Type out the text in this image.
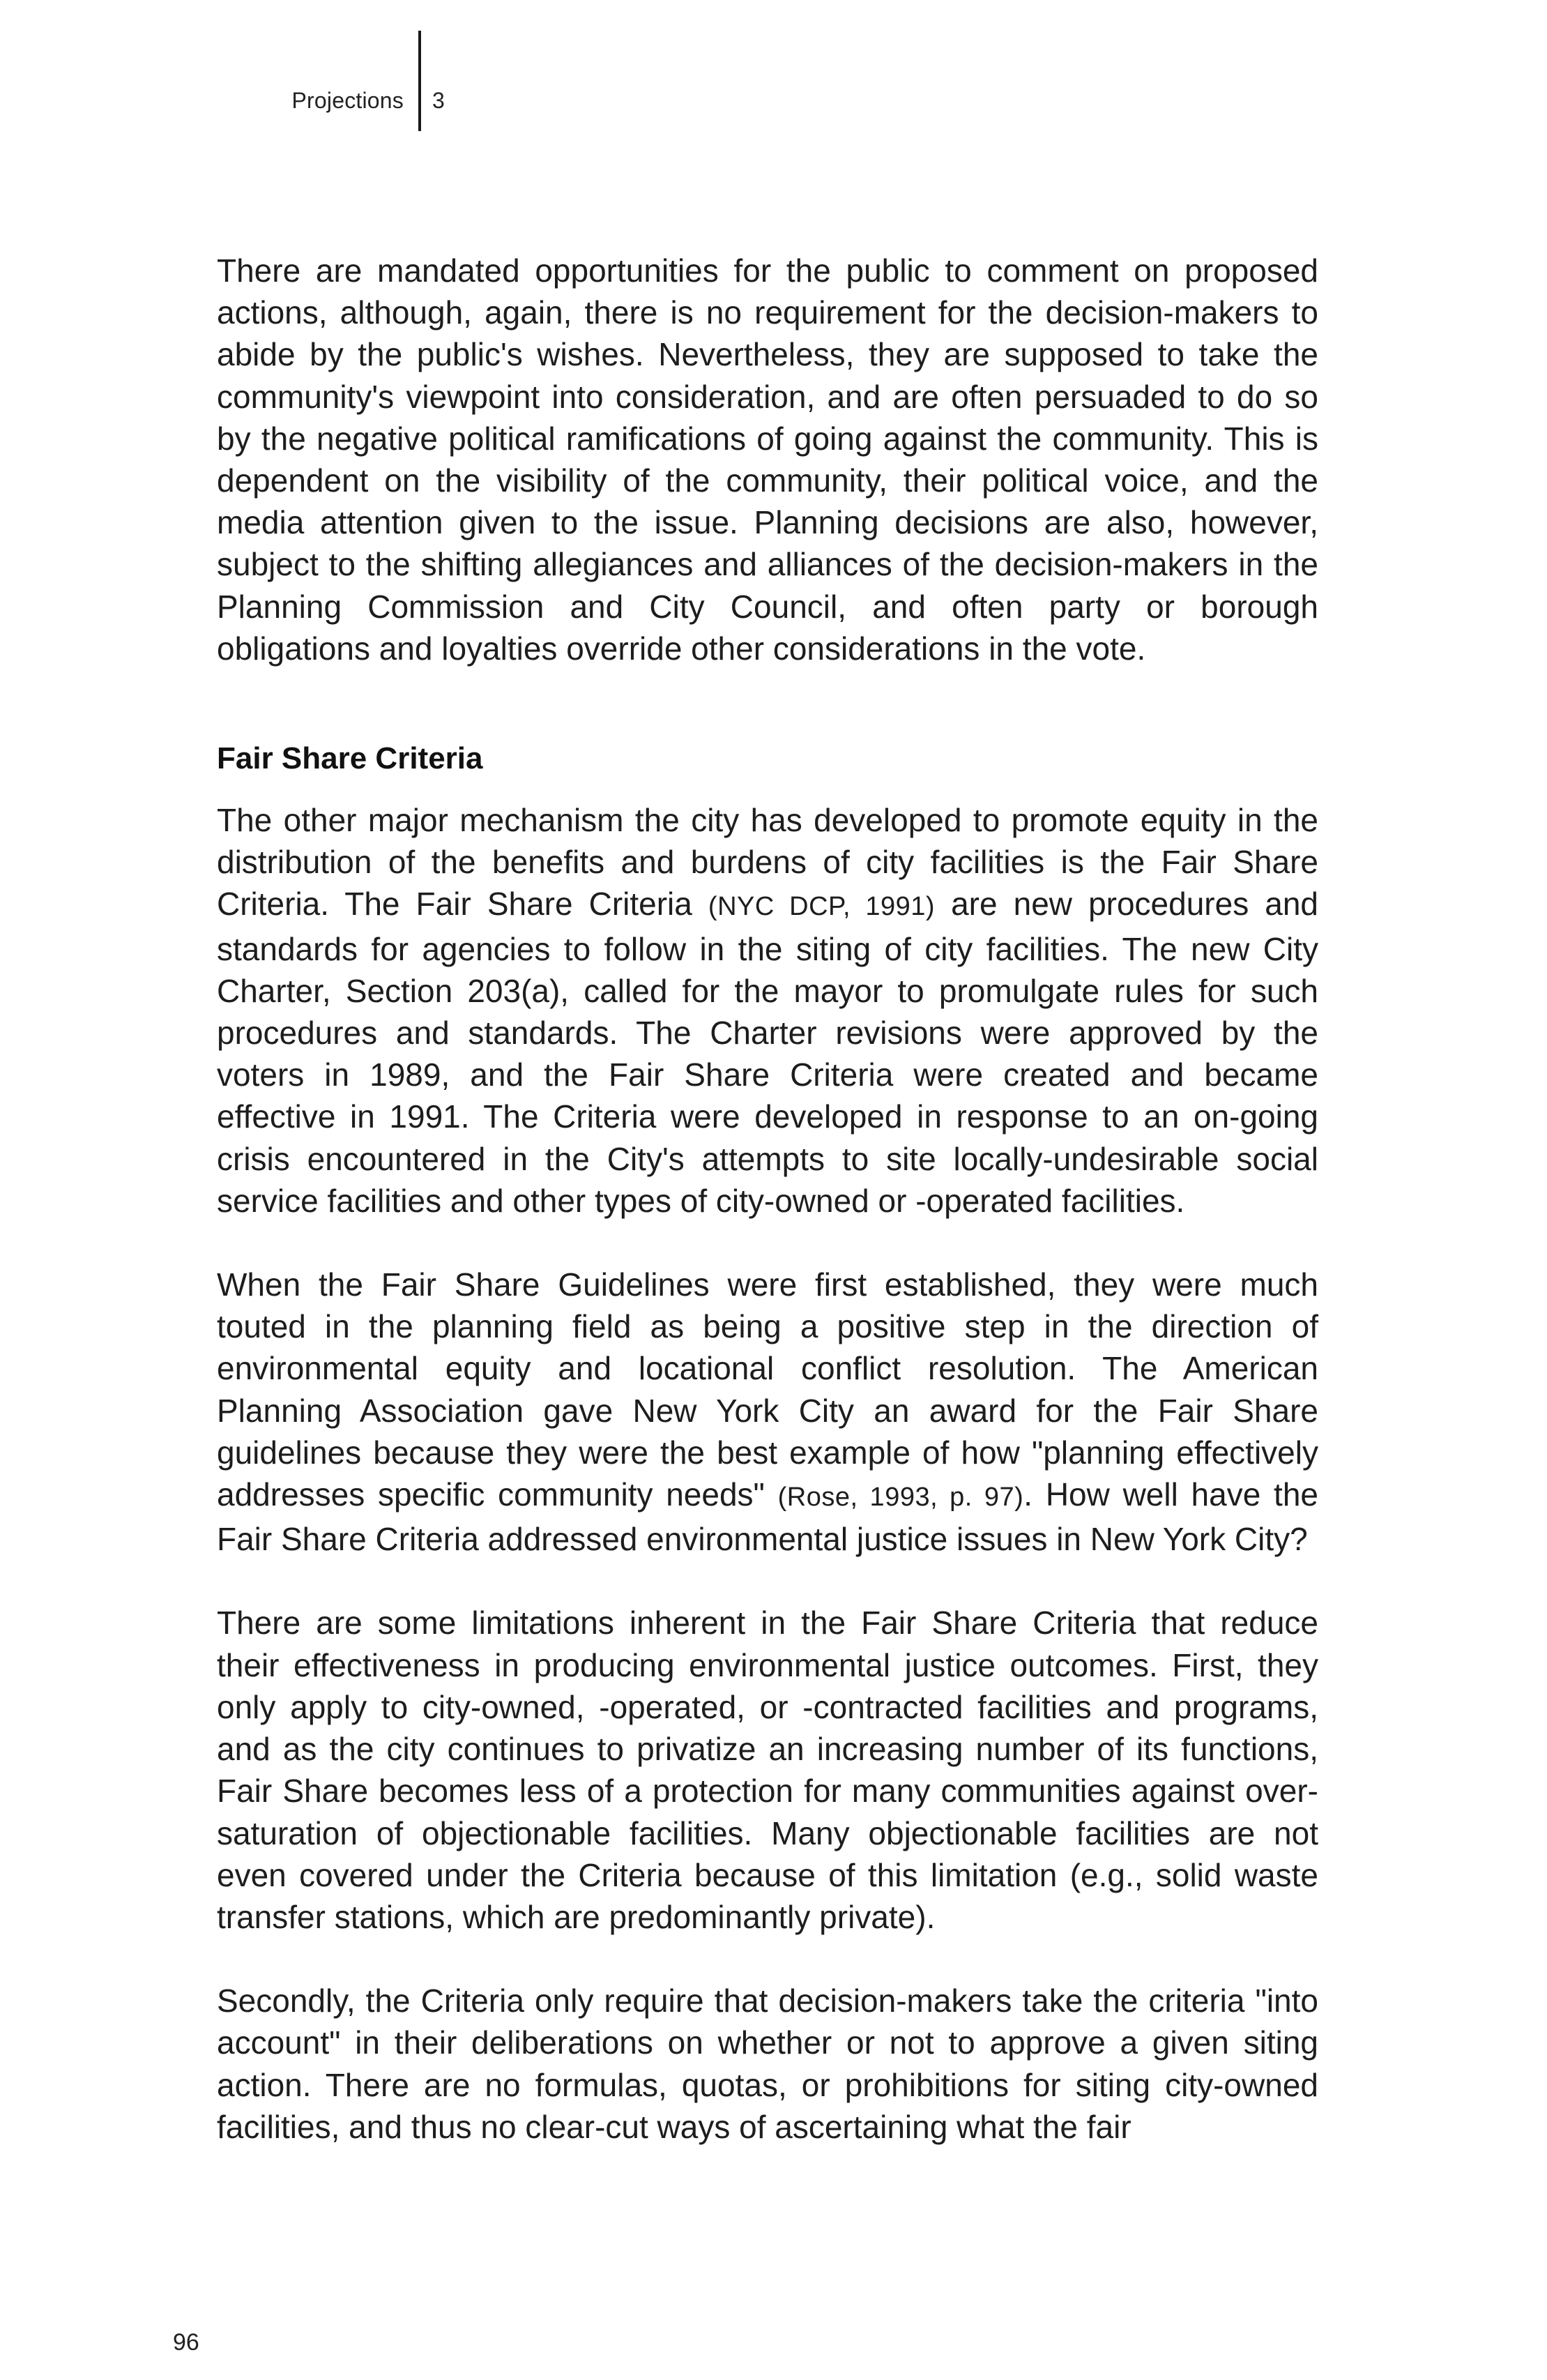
Projections 3

There are mandated opportunities for the public to comment on proposed actions, although, again, there is no requirement for the decision-makers to abide by the public's wishes. Nevertheless, they are supposed to take the community's viewpoint into consideration, and are often persuaded to do so by the negative political ramifications of going against the community. This is dependent on the visibility of the community, their political voice, and the media attention given to the issue. Planning decisions are also, however, subject to the shifting allegiances and alliances of the decision-makers in the Planning Commission and City Council, and often party or borough obligations and loyalties override other considerations in the vote.

Fair Share Criteria

The other major mechanism the city has developed to promote equity in the distribution of the benefits and burdens of city facilities is the Fair Share Criteria. The Fair Share Criteria (NYC DCP, 1991) are new procedures and standards for agencies to follow in the siting of city facilities. The new City Charter, Section 203(a), called for the mayor to promulgate rules for such procedures and standards. The Charter revisions were approved by the voters in 1989, and the Fair Share Criteria were created and became effective in 1991. The Criteria were developed in response to an on-going crisis encountered in the City's attempts to site locally-undesirable social service facilities and other types of city-owned or -operated facilities.

When the Fair Share Guidelines were first established, they were much touted in the planning field as being a positive step in the direction of environmental equity and locational conflict resolution. The American Planning Association gave New York City an award for the Fair Share guidelines because they were the best example of how "planning effectively addresses specific community needs" (Rose, 1993, p. 97). How well have the Fair Share Criteria addressed environmental justice issues in New York City?

There are some limitations inherent in the Fair Share Criteria that reduce their effectiveness in producing environmental justice outcomes. First, they only apply to city-owned, -operated, or -contracted facilities and programs, and as the city continues to privatize an increasing number of its functions, Fair Share becomes less of a protection for many communities against over-saturation of objectionable facilities. Many objectionable facilities are not even covered under the Criteria because of this limitation (e.g., solid waste transfer stations, which are predominantly private).

Secondly, the Criteria only require that decision-makers take the criteria "into account" in their deliberations on whether or not to approve a given siting action. There are no formulas, quotas, or prohibitions for siting city-owned facilities, and thus no clear-cut ways of ascertaining what the fair

96
